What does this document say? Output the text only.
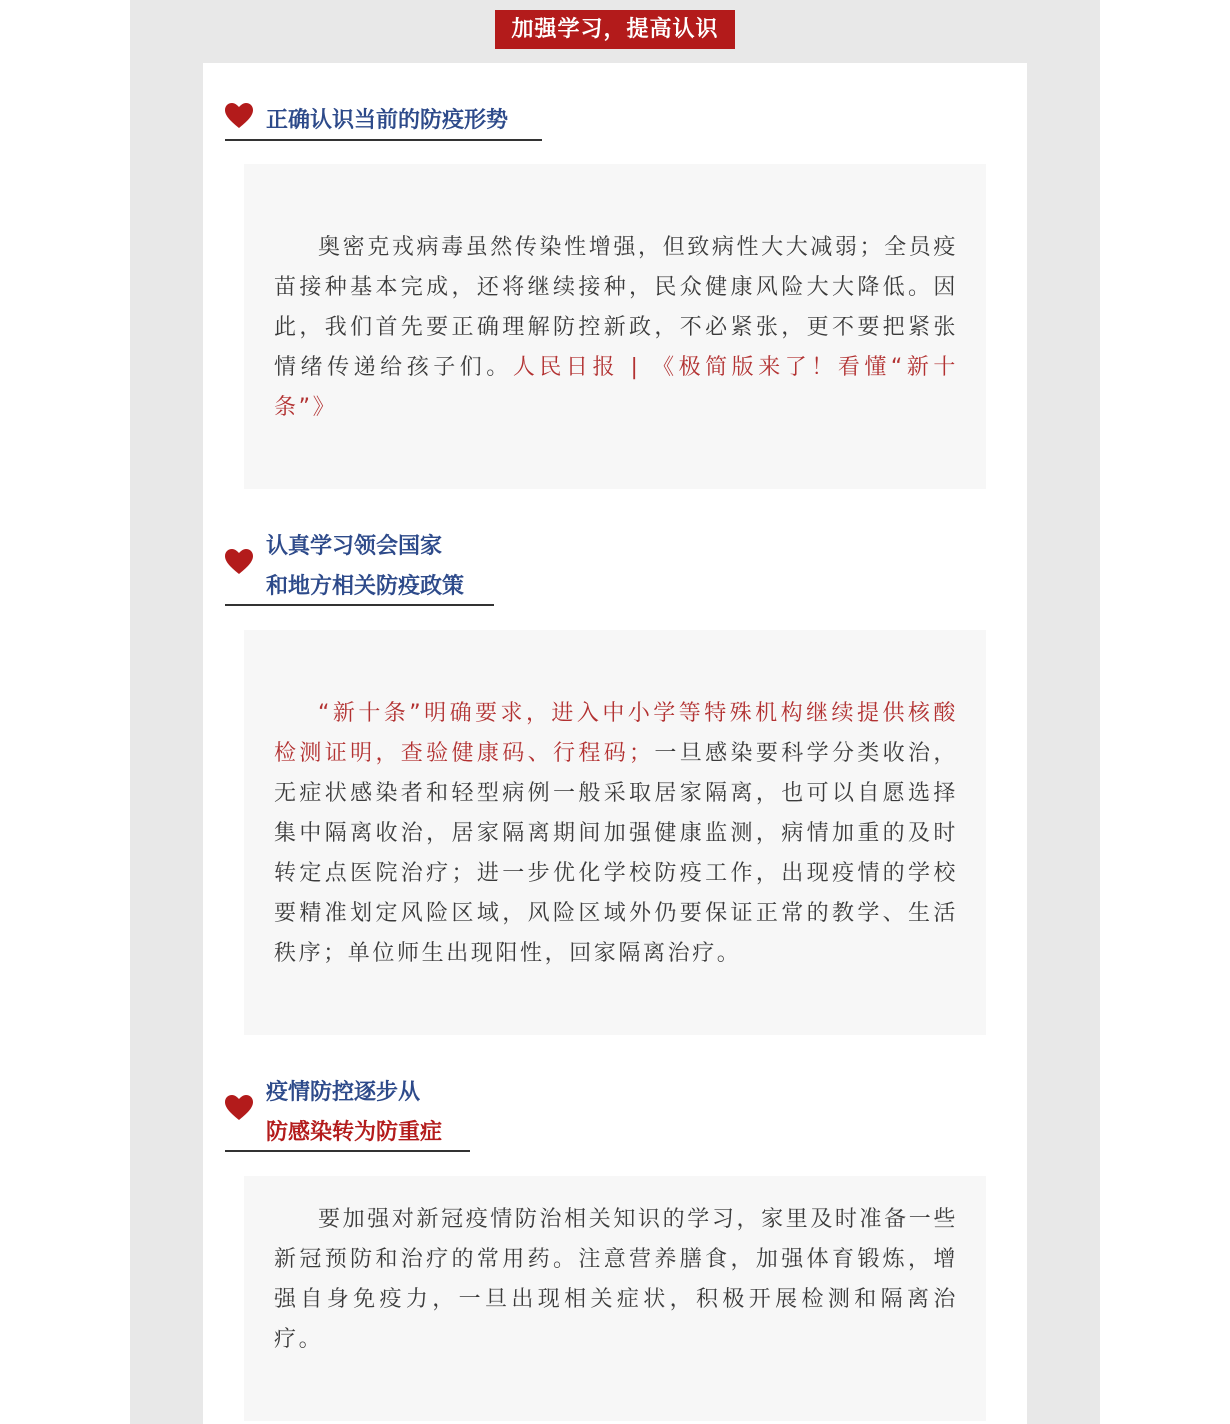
加强学习，提高认识
正确认识当前的防疫形势
奥密克戎病毒虽然传染性增强，但致病性大大减弱；全员疫苗接种基本完成，还将继续接种，民众健康风险大大降低。因此，我们首先要正确理解防控新政，不必紧张，更不要把紧张情绪传递给孩子们。人民日报 | 《极简版来了！看懂“新十条”》
认真学习领会国家
和地方相关防疫政策
“新十条”明确要求，进入中小学等特殊机构继续提供核酸检测证明，查验健康码、行程码；一旦感染要科学分类收治，无症状感染者和轻型病例一般采取居家隔离，也可以自愿选择集中隔离收治，居家隔离期间加强健康监测，病情加重的及时转定点医院治疗；进一步优化学校防疫工作，出现疫情的学校要精准划定风险区域，风险区域外仍要保证正常的教学、生活秩序；单位师生出现阳性，回家隔离治疗。
疫情防控逐步从
防感染转为防重症
要加强对新冠疫情防治相关知识的学习，家里及时准备一些新冠预防和治疗的常用药。注意营养膳食，加强体育锻炼，增强自身免疫力，一旦出现相关症状，积极开展检测和隔离治疗。
